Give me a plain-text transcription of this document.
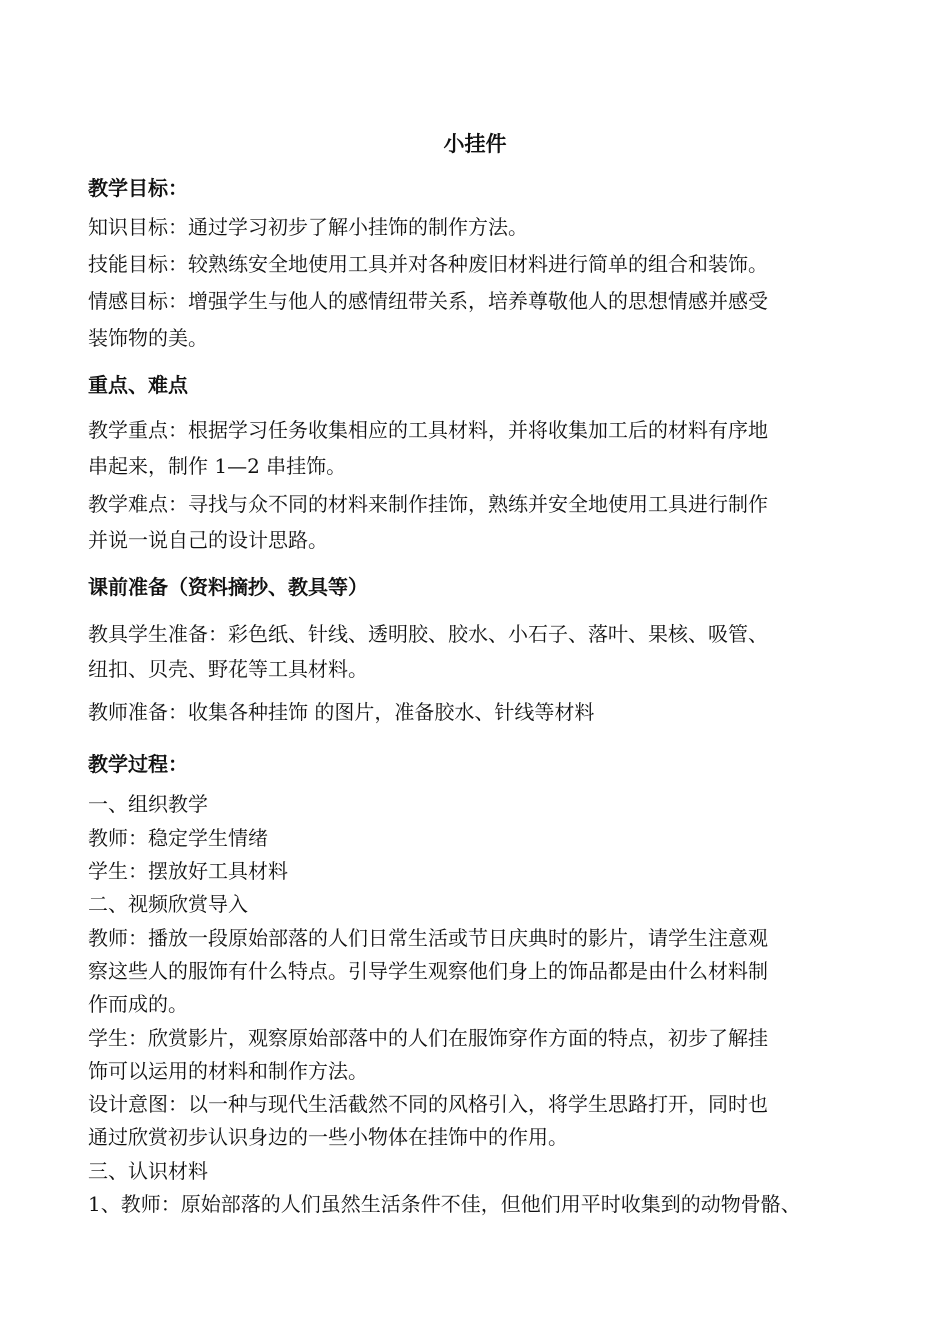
小挂件
教学目标：
知识目标：通过学习初步了解小挂饰的制作方法。
技能目标：较熟练安全地使用工具并对各种废旧材料进行简单的组合和装饰。
情感目标：增强学生与他人的感情纽带关系，培养尊敬他人的思想情感并感受
装饰物的美。
重点、难点
教学重点：根据学习任务收集相应的工具材料，并将收集加工后的材料有序地
串起来，制作 1—2 串挂饰。
教学难点：寻找与众不同的材料来制作挂饰，熟练并安全地使用工具进行制作
并说一说自己的设计思路。
课前准备（资料摘抄、教具等）
教具学生准备：彩色纸、针线、透明胶、胶水、小石子、落叶、果核、吸管、
纽扣、贝壳、野花等工具材料。
教师准备：收集各种挂饰 的图片，准备胶水、针线等材料
教学过程：
一、组织教学
教师：稳定学生情绪
学生：摆放好工具材料
二、视频欣赏导入
教师：播放一段原始部落的人们日常生活或节日庆典时的影片，请学生注意观
察这些人的服饰有什么特点。引导学生观察他们身上的饰品都是由什么材料制
作而成的。
学生：欣赏影片，观察原始部落中的人们在服饰穿作方面的特点，初步了解挂
饰可以运用的材料和制作方法。
设计意图：以一种与现代生活截然不同的风格引入，将学生思路打开，同时也
通过欣赏初步认识身边的一些小物体在挂饰中的作用。
三、认识材料
1、教师：原始部落的人们虽然生活条件不佳，但他们用平时收集到的动物骨骼、
